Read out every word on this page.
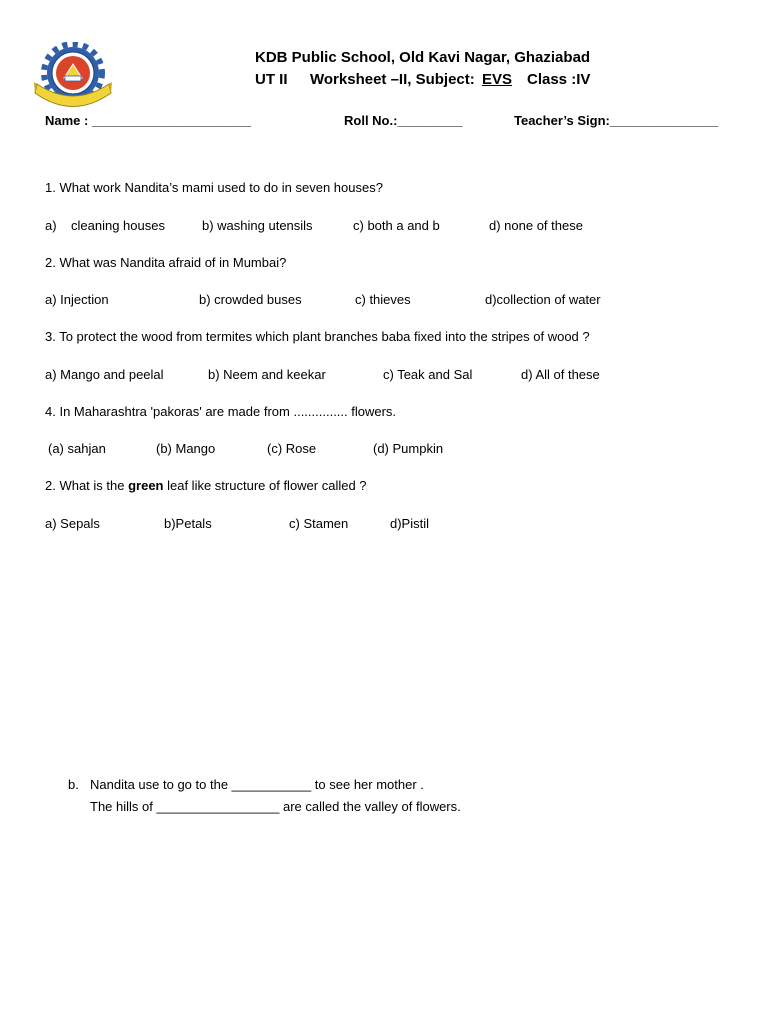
KDB Public School, Old Kavi Nagar, Ghaziabad
UT II Worksheet –II, Subject: EVS Class :IV
Name : ______________________	Roll No.:_________	Teacher’s Sign:_______________
1. What work Nandita’s mami used to do in seven houses?
a)    cleaning houses	b) washing utensils	c) both a and b	d) none of these
2. What was Nandita afraid of in Mumbai?
a) Injection	b) crowded buses	c) thieves	d)collection of water
3. To protect the wood from termites which plant branches baba fixed into the stripes of wood ?
a) Mango and peelal	b) Neem and keekar	c) Teak and Sal	d) All of these
4. In Maharashtra 'pakoras' are made from ............... flowers.
(a) sahjan	(b) Mango	(c) Rose	(d) Pumpkin
2. What is the green leaf like structure of flower called ?
a) Sepals	b)Petals	c) Stamen	d)Pistil
b. Nandita use to go to the ___________ to see her mother .
The hills of _________________ are called the valley of flowers.
